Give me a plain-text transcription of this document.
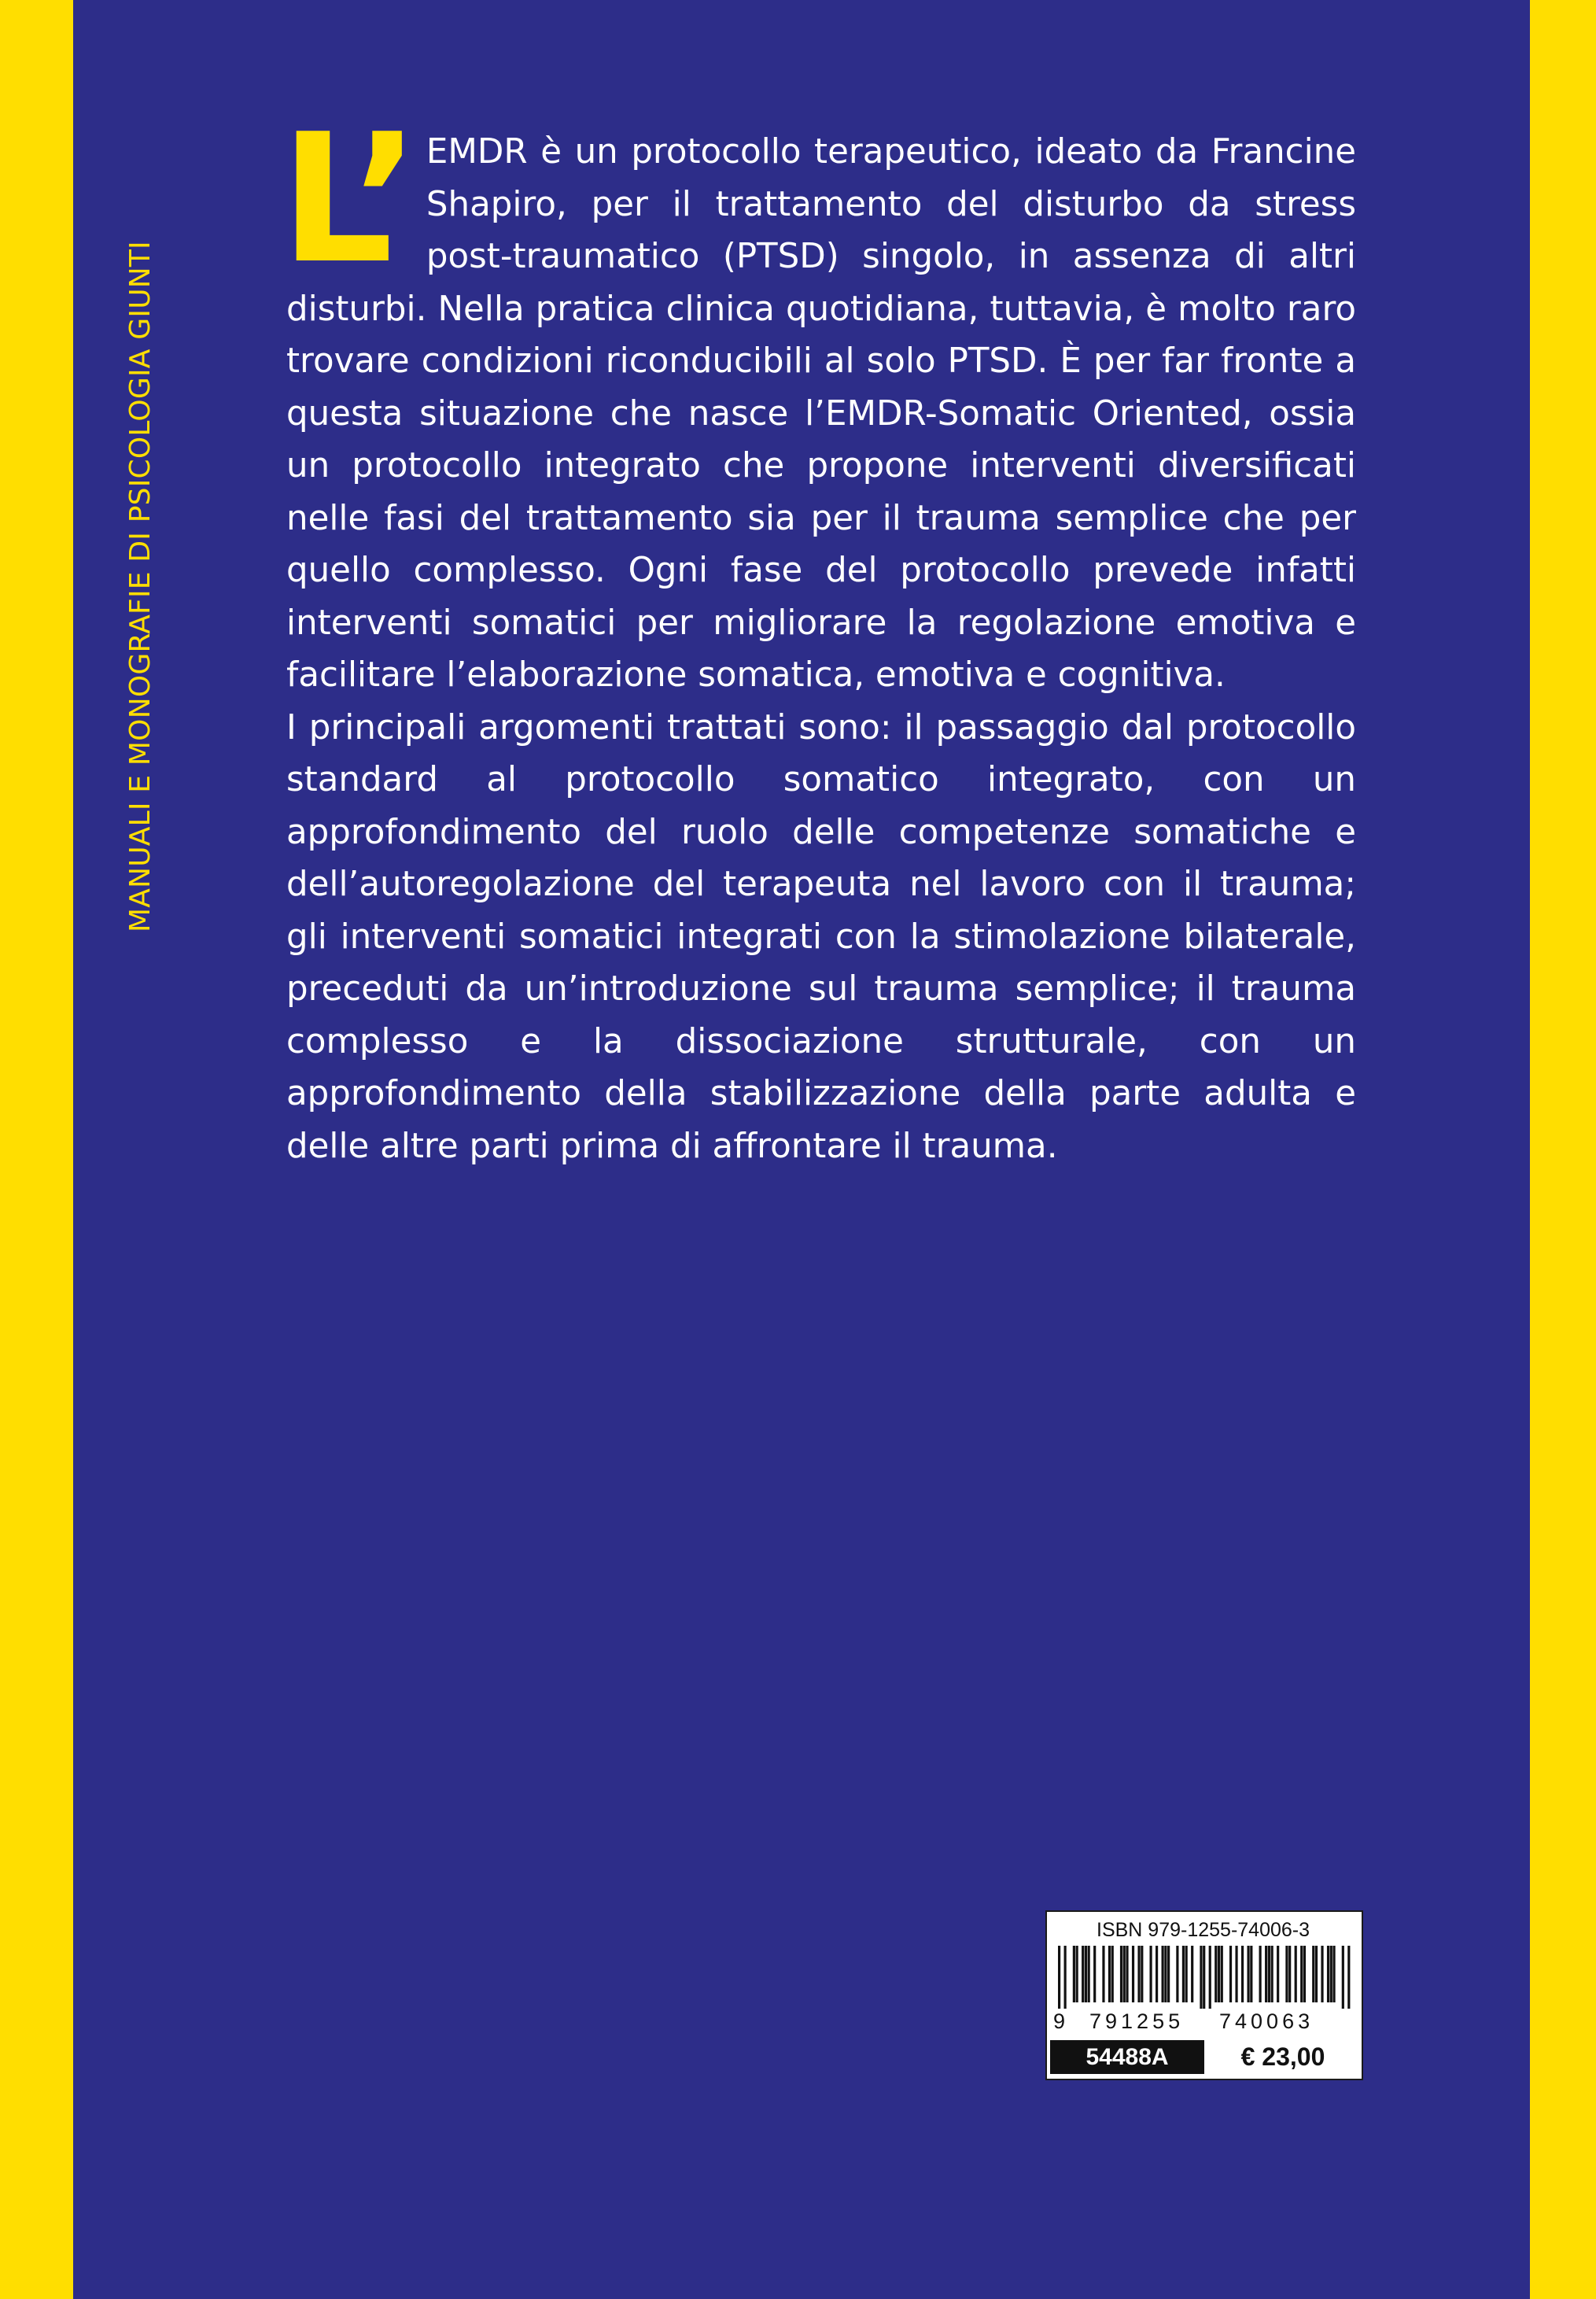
MANUALI E MONOGRAFIE DI PSICOLOGIA GIUNTI

L’ EMDR è un protocollo terapeutico, ideato da Francine Shapiro, per il trattamento del disturbo da stress post-traumatico (PTSD) singolo, in assenza di altri disturbi. Nella pratica clinica quotidiana, tuttavia, è molto raro trovare condizioni riconducibili al solo PTSD. È per far fronte a questa situazione che nasce l’EMDR-Somatic Oriented, ossia un protocollo integrato che propone interventi diversificati nelle fasi del trattamento sia per il trauma semplice che per quello complesso. Ogni fase del protocollo prevede infatti interventi somatici per migliorare la regolazione emotiva e facilitare l’elaborazione somatica, emotiva e cognitiva.

I principali argomenti trattati sono: il passaggio dal protocollo standard al protocollo somatico integrato, con un approfondimento del ruolo delle competenze somatiche e dell’autoregolazione del terapeuta nel lavoro con il trauma; gli interventi somatici integrati con la stimolazione bilaterale, preceduti da un’introduzione sul trauma semplice; il trauma complesso e la dissociazione strutturale, con un approfondimento della stabilizzazione della parte adulta e delle altre parti prima di affrontare il trauma.

ISBN 979-1255-74006-3
9 791255 740063
54488A	€ 23,00
